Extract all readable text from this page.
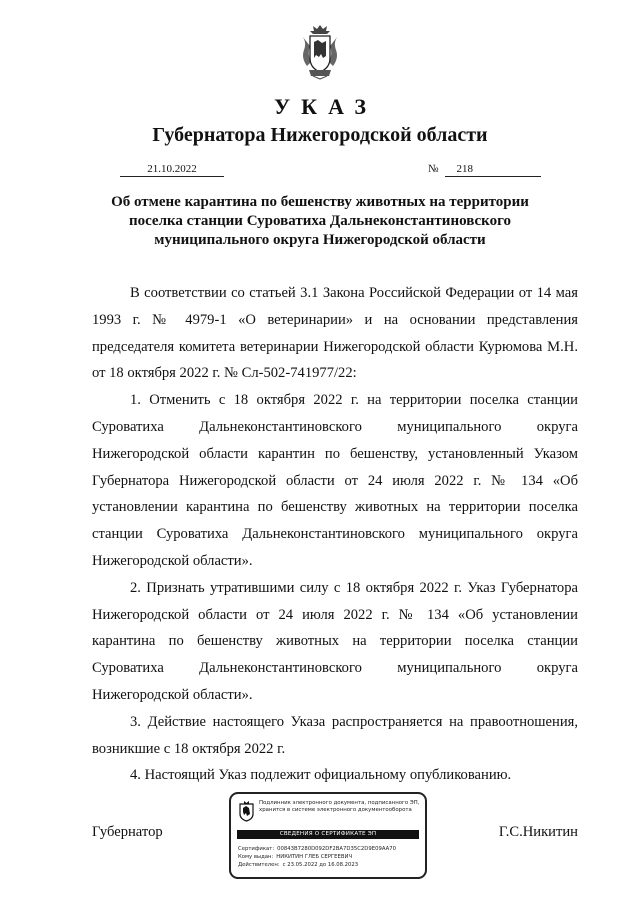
УКАЗ
Губернатора Нижегородской области
21.10.2022	№ 218
Об отмене карантина по бешенству животных на территории
поселка станции Суроватиха Дальнеконстантиновского
муниципального округа Нижегородской области

В соответствии со статьей 3.1 Закона Российской Федерации от 14 мая 1993 г. № 4979-1 «О ветеринарии» и на основании представления председателя комитета ветеринарии Нижегородской области Курюмова М.Н. от 18 октября 2022 г. № Сл-502-741977/22:

1. Отменить с 18 октября 2022 г. на территории поселка станции Суроватиха Дальнеконстантиновского муниципального округа Нижегородской области карантин по бешенству, установленный Указом Губернатора Нижегородской области от 24 июля 2022 г. № 134 «Об установлении карантина по бешенству животных на территории поселка станции Суроватиха Дальнеконстантиновского муниципального округа Нижегородской области».

2. Признать утратившими силу с 18 октября 2022 г. Указ Губернатора Нижегородской области от 24 июля 2022 г. № 134 «Об установлении карантина по бешенству животных на территории поселка станции Суроватиха Дальнеконстантиновского муниципального округа Нижегородской области».

3. Действие настоящего Указа распространяется на правоотношения, возникшие с 18 октября 2022 г.

4. Настоящий Указ подлежит официальному опубликованию.

Губернатор	Г.С.Никитин
Подлинник электронного документа, подписанного ЭП, хранится в системе электронного документооборота
СВЕДЕНИЯ О СЕРТИФИКАТЕ ЭП
Сертификат: 00843B7280D092DF2BA7D35C2D9E09AA70
Кому выдан: НИКИТИН ГЛЕБ СЕРГЕЕВИЧ
Действителен: с 23.05.2022 до 16.08.2023
